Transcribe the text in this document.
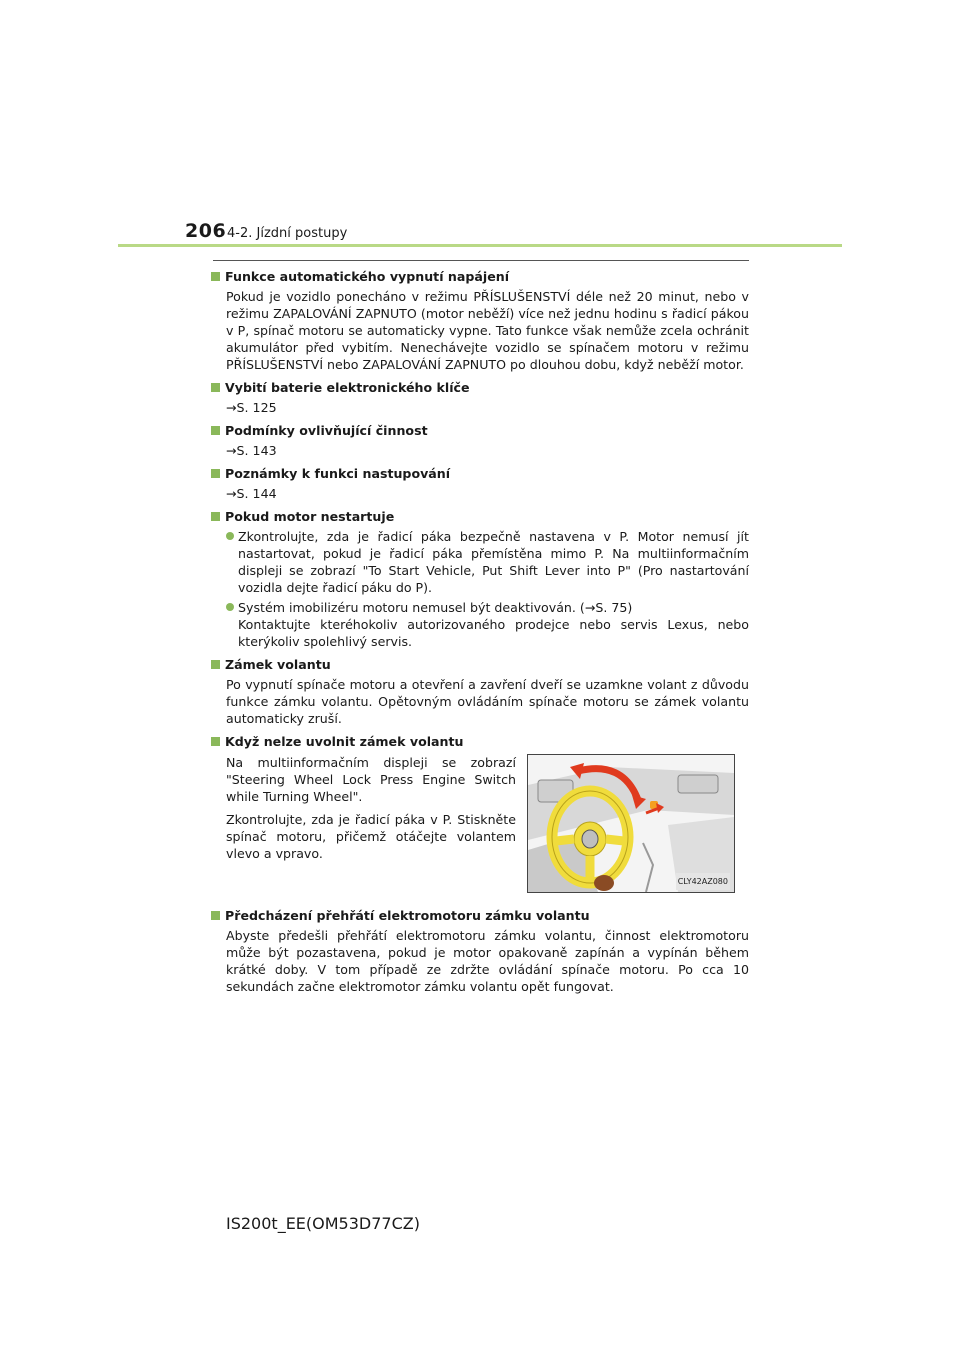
206 4-2. Jízdní postupy
Funkce automatického vypnutí napájení
Pokud je vozidlo ponecháno v režimu PŘÍSLUŠENSTVÍ déle než 20 minut, nebo v režimu ZAPALOVÁNÍ ZAPNUTO (motor neběží) více než jednu hodinu s řadicí pákou v P, spínač motoru se automaticky vypne. Tato funkce však nemůže zcela ochránit akumulátor před vybitím. Nenechávejte vozidlo se spínačem motoru v režimu PŘÍSLUŠENSTVÍ nebo ZAPALOVÁNÍ ZAPNUTO po dlouhou dobu, když neběží motor.
Vybití baterie elektronického klíče
→S. 125
Podmínky ovlivňující činnost
→S. 143
Poznámky k funkci nastupování
→S. 144
Pokud motor nestartuje
Zkontrolujte, zda je řadicí páka bezpečně nastavena v P. Motor nemusí jít nastartovat, pokud je řadicí páka přemístěna mimo P. Na multiinformačním displeji se zobrazí "To Start Vehicle, Put Shift Lever into P" (Pro nastartování vozidla dejte řadicí páku do P).
Systém imobilizéru motoru nemusel být deaktivován. (→S. 75)
Kontaktujte kteréhokoliv autorizovaného prodejce nebo servis Lexus, nebo kterýkoliv spolehlivý servis.
Zámek volantu
Po vypnutí spínače motoru a otevření a zavření dveří se uzamkne volant z důvodu funkce zámku volantu. Opětovným ovládáním spínače motoru se zámek volantu automaticky zruší.
Když nelze uvolnit zámek volantu
Na multiinformačním displeji se zobrazí "Steering Wheel Lock Press Engine Switch while Turning Wheel".
Zkontrolujte, zda je řadicí páka v P. Stiskněte spínač motoru, přičemž otáčejte volantem vlevo a vpravo.
CLY42AZ080
Předcházení přehřátí elektromotoru zámku volantu
Abyste předešli přehřátí elektromotoru zámku volantu, činnost elektromotoru může být pozastavena, pokud je motor opakovaně zapínán a vypínán během krátké doby. V tom případě ze zdržte ovládání spínače motoru. Po cca 10 sekundách začne elektromotor zámku volantu opět fungovat.
IS200t_EE(OM53D77CZ)
